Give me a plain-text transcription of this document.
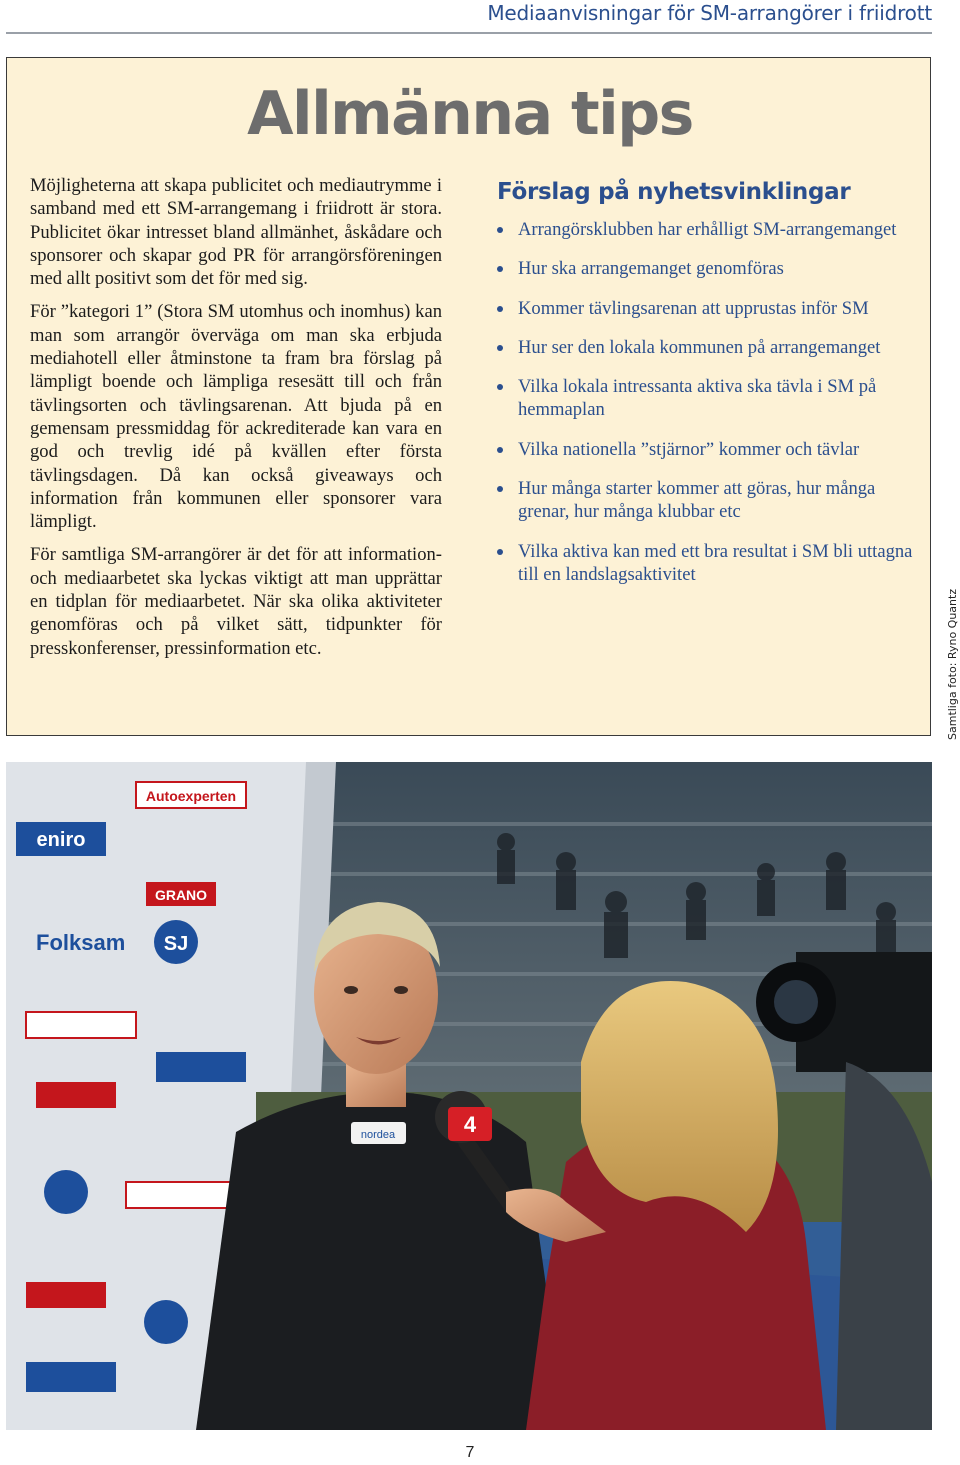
Mediaanvisningar för SM-arrangörer i friidrott
Allmänna tips

Möjligheterna att skapa publicitet och mediautrymme i samband med ett SM-arrangemang i friidrott är stora. Publicitet ökar intresset bland allmänhet, åskådare och sponsorer och skapar god PR för arrangörsföreningen med allt positivt som det för med sig.

För ”kategori 1” (Stora SM utomhus och inomhus) kan man som arrangör överväga om man ska erbjuda mediahotell eller åtminstone ta fram bra förslag på lämpligt boende och lämpliga resesätt till och från tävlingsorten och tävlingsarenan. Att bjuda på en gemensam pressmiddag för ackrediterade kan vara en god och trevlig idé på kvällen efter första tävlingsdagen. Då kan också giveaways och information från kommunen eller sponsorer vara lämpligt.

För samtliga SM-arrangörer är det för att information- och mediaarbetet ska lyckas viktigt att man upprättar en tidplan för mediaarbetet. När ska olika aktiviteter genomföras och på vilket sätt, tidpunkter för presskonferenser, pressinformation etc.

Förslag på nyhetsvinklingar
Arrangörsklubben har erhålligt SM-arrangemanget
Hur ska arrangemanget genomföras
Kommer tävlingsarenan att upprustas inför SM
Hur ser den lokala kommunen på arrangemanget
Vilka lokala intressanta aktiva ska tävla i SM på hemmaplan
Vilka nationella ”stjärnor” kommer och tävlar
Hur många starter kommer att göras, hur många grenar, hur många klubbar etc
Vilka aktiva kan med ett bra resultat i SM bli uttagna till en landslagsaktivitet
Samtliga foto: Ryno Quantz
eniro
Autoexperten
GRANO
Folksam SJ
nordea	4
7
